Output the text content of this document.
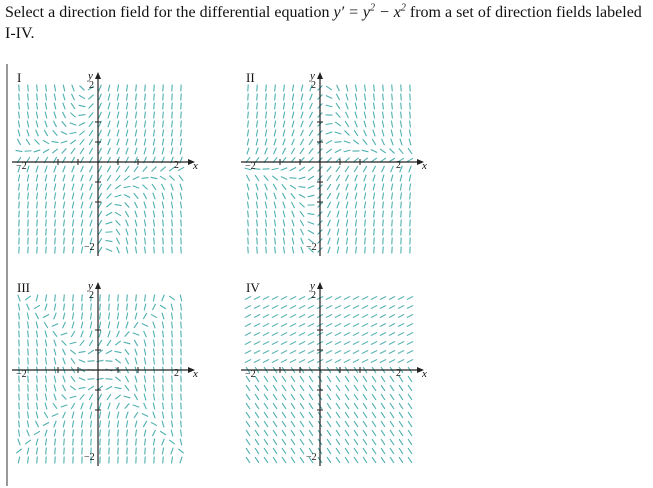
Select a direction field for the differential equation $y' = y^2 - x^2$ from a set of direction fields labeled I-IV.
I	y
x
2
−2
−2	2
II	y
x
2
−2
−2	2
III	y
x
2
−2
−2	2
IV	y
x
2
−2
−2	2
